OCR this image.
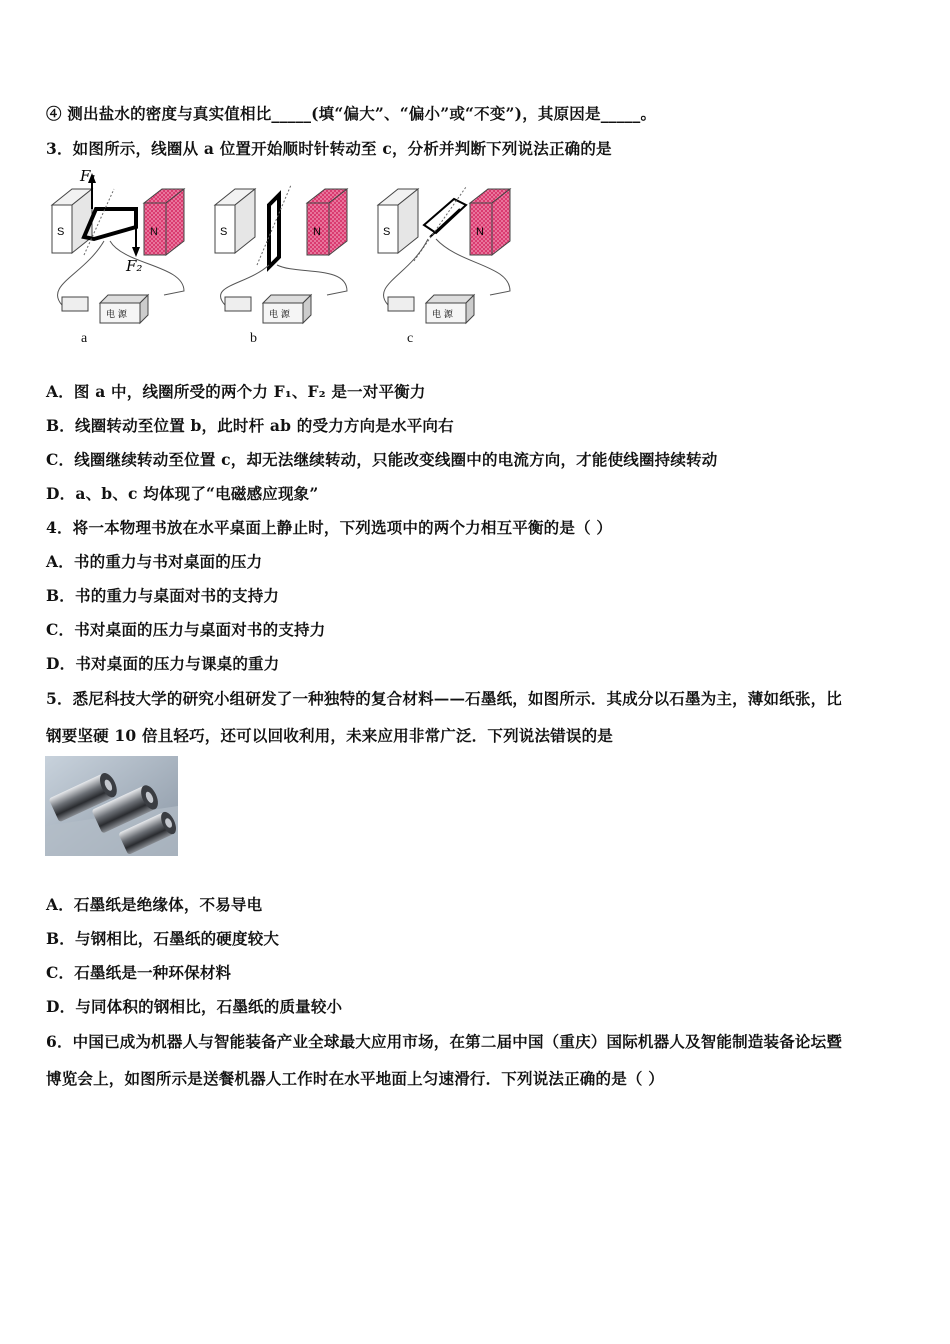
④ 测出盐水的密度与真实值相比_____(填“偏大”、“偏小”或“不变”)，其原因是_____。
3．如图所示，线圈从 a 位置开始顺时针转动至 c，分析并判断下列说法正确的是
S	N
F₁
F₂
电 源
S	N
电 源
S	N
电 源
a	b	c
A．图 a 中，线圈所受的两个力 F₁、F₂ 是一对平衡力
B．线圈转动至位置 b，此时杆 ab 的受力方向是水平向右
C．线圈继续转动至位置 c，却无法继续转动，只能改变线圈中的电流方向，才能使线圈持续转动
D．a、b、c 均体现了“电磁感应现象”
4．将一本物理书放在水平桌面上静止时，下列选项中的两个力相互平衡的是（ ）
A．书的重力与书对桌面的压力
B．书的重力与桌面对书的支持力
C．书对桌面的压力与桌面对书的支持力
D．书对桌面的压力与课桌的重力
5．悉尼科技大学的研究小组研发了一种独特的复合材料——石墨纸，如图所示．其成分以石墨为主，薄如纸张，比
钢要坚硬 10 倍且轻巧，还可以回收利用，未来应用非常广泛．下列说法错误的是
A．石墨纸是绝缘体，不易导电
B．与钢相比，石墨纸的硬度较大
C．石墨纸是一种环保材料
D．与同体积的钢相比，石墨纸的质量较小
6．中国已成为机器人与智能装备产业全球最大应用市场，在第二届中国（重庆）国际机器人及智能制造装备论坛暨
博览会上，如图所示是送餐机器人工作时在水平地面上匀速滑行．下列说法正确的是（ ）
